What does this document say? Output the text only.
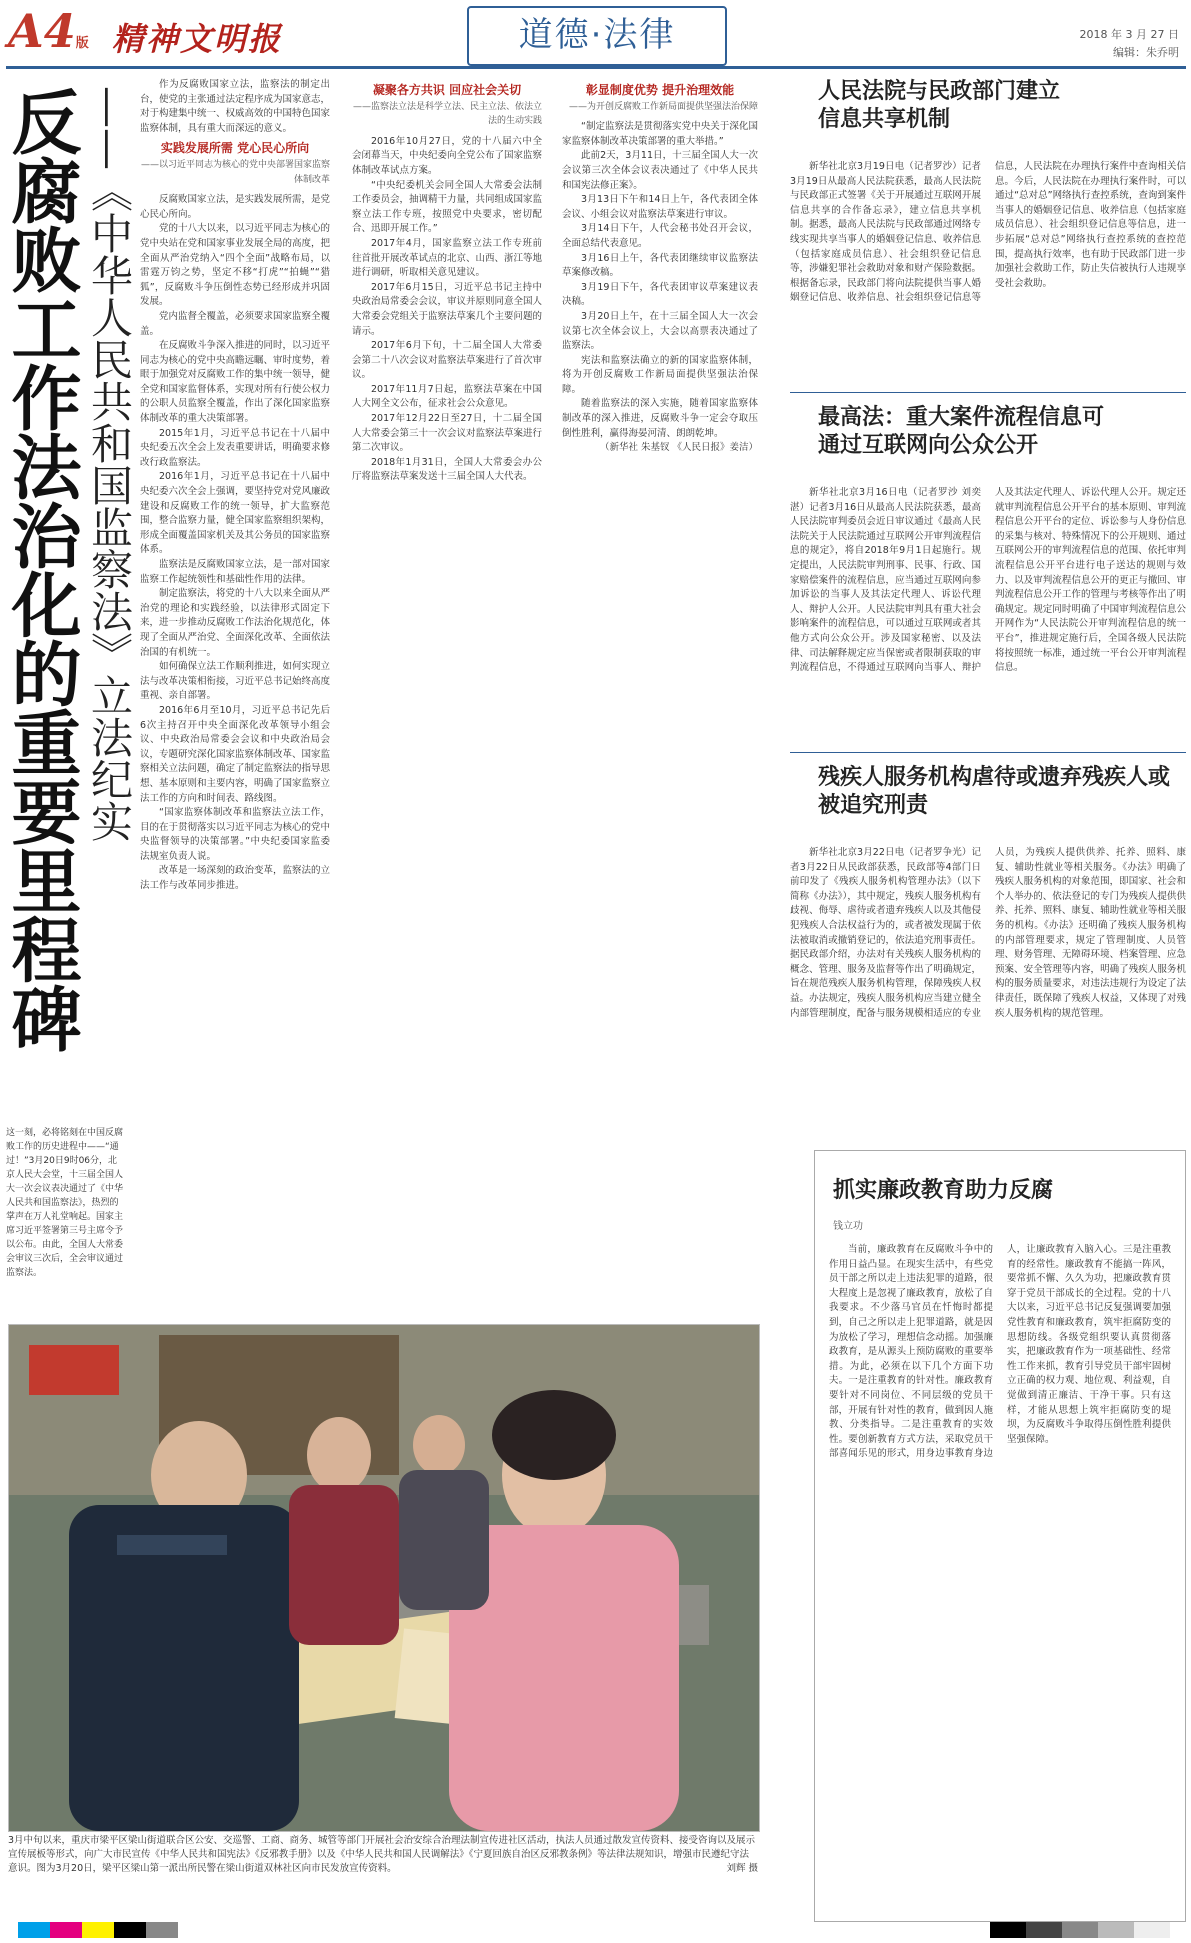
A4版 精神文明报	道德·法律	2018 年 3 月 27 日
编辑：朱乔明
反腐败工作法治化的重要里程碑 ——《中华人民共和国监察法》立法纪实
这一刻，必将铭刻在中国反腐败工作的历史进程中——“通过！”3月20日9时06分，北京人民大会堂，十三届全国人大一次会议表决通过了《中华人民共和国监察法》，热烈的掌声在万人礼堂响起。国家主席习近平签署第三号主席令予以公布。由此，全国人大常委会审议三次后，全会审议通过监察法。

作为反腐败国家立法，监察法的制定出台，使党的主张通过法定程序成为国家意志，对于构建集中统一、权威高效的中国特色国家监察体制，具有重大而深远的意义。

实践发展所需 党心民心所向
——以习近平同志为核心的党中央部署国家监察体制改革

反腐败国家立法，是实践发展所需，是党心民心所向。

党的十八大以来，以习近平同志为核心的党中央站在党和国家事业发展全局的高度，把全面从严治党纳入“四个全面”战略布局，以雷霆万钧之势，坚定不移“打虎”“拍蝇”“猎狐”，反腐败斗争压倒性态势已经形成并巩固发展。

党内监督全覆盖，必须要求国家监察全覆盖。

在反腐败斗争深入推进的同时，以习近平同志为核心的党中央高瞻远瞩、审时度势，着眼于加强党对反腐败工作的集中统一领导，健全党和国家监督体系，实现对所有行使公权力的公职人员监察全覆盖，作出了深化国家监察体制改革的重大决策部署。

2015年1月，习近平总书记在十八届中央纪委五次全会上发表重要讲话，明确要求修改行政监察法。

2016年1月，习近平总书记在十八届中央纪委六次全会上强调，要坚持党对党风廉政建设和反腐败工作的统一领导，扩大监察范围，整合监察力量，健全国家监察组织架构，形成全面覆盖国家机关及其公务员的国家监察体系。

监察法是反腐败国家立法，是一部对国家监察工作起统领性和基础性作用的法律。

制定监察法，将党的十八大以来全面从严治党的理论和实践经验，以法律形式固定下来，进一步推动反腐败工作法治化规范化，体现了全面从严治党、全面深化改革、全面依法治国的有机统一。

如何确保立法工作顺利推进，如何实现立法与改革决策相衔接，习近平总书记始终高度重视、亲自部署。

2016年6月至10月，习近平总书记先后6次主持召开中央全面深化改革领导小组会议、中央政治局常委会会议和中央政治局会议，专题研究深化国家监察体制改革、国家监察相关立法问题，确定了制定监察法的指导思想、基本原则和主要内容，明确了国家监察立法工作的方向和时间表、路线图。

“国家监察体制改革和监察法立法工作，目的在于贯彻落实以习近平同志为核心的党中央监督领导的决策部署。”中央纪委国家监委法规室负责人说。

改革是一场深刻的政治变革，监察法的立法工作与改革同步推进。

凝聚各方共识 回应社会关切
——监察法立法是科学立法、民主立法、依法立法的生动实践

2016年10月27日，党的十八届六中全会闭幕当天，中央纪委向全党公布了国家监察体制改革试点方案。

“中央纪委机关会同全国人大常委会法制工作委员会，抽调精干力量，共同组成国家监察立法工作专班，按照党中央要求，密切配合、迅即开展工作。”

2017年4月，国家监察立法工作专班前往首批开展改革试点的北京、山西、浙江等地进行调研，听取相关意见建议。

2017年6月15日，习近平总书记主持中央政治局常委会会议，审议并原则同意全国人大常委会党组关于监察法草案几个主要问题的请示。

2017年6月下旬，十二届全国人大常委会第二十八次会议对监察法草案进行了首次审议。

2017年11月7日起，监察法草案在中国人大网全文公布，征求社会公众意见。

2017年12月22日至27日，十二届全国人大常委会第三十一次会议对监察法草案进行第二次审议。

2018年1月31日，全国人大常委会办公厅将监察法草案发送十三届全国人大代表。

彰显制度优势 提升治理效能
——为开创反腐败工作新局面提供坚强法治保障

“制定监察法是贯彻落实党中央关于深化国家监察体制改革决策部署的重大举措。”

此前2天，3月11日，十三届全国人大一次会议第三次全体会议表决通过了《中华人民共和国宪法修正案》。

3月13日下午和14日上午，各代表团全体会议、小组会议对监察法草案进行审议。

3月14日下午，人代会秘书处召开会议，全面总结代表意见。

3月16日上午，各代表团继续审议监察法草案修改稿。

3月19日下午，各代表团审议草案建议表决稿。

3月20日上午，在十三届全国人大一次会议第七次全体会议上，大会以高票表决通过了监察法。

宪法和监察法确立的新的国家监察体制，将为开创反腐败工作新局面提供坚强法治保障。

随着监察法的深入实施，随着国家监察体制改革的深入推进，反腐败斗争一定会夺取压倒性胜利，赢得海晏河清、朗朗乾坤。

（新华社 朱基钗 《人民日报》姜洁）

3月中旬以来，重庆市梁平区梁山街道联合区公安、交巡警、工商、商务、城管等部门开展社会治安综合治理法制宣传进社区活动，执法人员通过散发宣传资料、接受咨询以及展示宣传展板等形式，向广大市民宣传《中华人民共和国宪法》《反邪教手册》以及《中华人民共和国人民调解法》《宁夏回族自治区反邪教条例》等法律法规知识，增强市民遵纪守法意识。图为3月20日，梁平区梁山第一派出所民警在梁山街道双林社区向市民发放宣传资料。	刘辉 摄
人民法院与民政部门建立信息共享机制

新华社北京3月19日电（记者罗沙）记者3月19日从最高人民法院获悉，最高人民法院与民政部正式签署《关于开展通过互联网开展信息共享的合作备忘录》，建立信息共享机制。据悉，最高人民法院与民政部通过网络专线实现共享当事人的婚姻登记信息、收养信息（包括家庭成员信息）、社会组织登记信息等，涉嫌犯罪社会救助对象和财产保险数据。根据备忘录，民政部门将向法院提供当事人婚姻登记信息、收养信息、社会组织登记信息等信息，人民法院在办理执行案件中查询相关信息。今后，人民法院在办理执行案件时，可以通过“总对总”网络执行查控系统，查询到案件当事人的婚姻登记信息、收养信息（包括家庭成员信息）、社会组织登记信息等信息，进一步拓展“总对总”网络执行查控系统的查控范围，提高执行效率，也有助于民政部门进一步加强社会救助工作，防止失信被执行人违规享受社会救助。

最高法：重大案件流程信息可通过互联网向公众公开

新华社北京3月16日电（记者罗沙 刘奕湛）记者3月16日从最高人民法院获悉，最高人民法院审判委员会近日审议通过《最高人民法院关于人民法院通过互联网公开审判流程信息的规定》，将自2018年9月1日起施行。规定提出，人民法院审判刑事、民事、行政、国家赔偿案件的流程信息，应当通过互联网向参加诉讼的当事人及其法定代理人、诉讼代理人、辩护人公开。人民法院审判具有重大社会影响案件的流程信息，可以通过互联网或者其他方式向公众公开。涉及国家秘密、以及法律、司法解释规定应当保密或者限制获取的审判流程信息，不得通过互联网向当事人、辩护人及其法定代理人、诉讼代理人公开。规定还就审判流程信息公开平台的基本原则、审判流程信息公开平台的定位、诉讼参与人身份信息的采集与核对、特殊情况下的公开规则、通过互联网公开的审判流程信息的范围、依托审判流程信息公开平台进行电子送达的规则与效力、以及审判流程信息公开的更正与撤回、审判流程信息公开工作的管理与考核等作出了明确规定。规定同时明确了中国审判流程信息公开网作为“人民法院公开审判流程信息的统一平台”，推进规定施行后，全国各级人民法院将按照统一标准，通过统一平台公开审判流程信息。

残疾人服务机构虐待或遗弃残疾人或被追究刑责

新华社北京3月22日电（记者罗争光）记者3月22日从民政部获悉，民政部等4部门日前印发了《残疾人服务机构管理办法》（以下简称《办法》），其中规定，残疾人服务机构有歧视、侮辱、虐待或者遗弃残疾人以及其他侵犯残疾人合法权益行为的，或者被发现属于依法被取消或撤销登记的，依法追究刑事责任。据民政部介绍，办法对有关残疾人服务机构的概念、管理、服务及监督等作出了明确规定，旨在规范残疾人服务机构管理，保障残疾人权益。办法规定，残疾人服务机构应当建立健全内部管理制度，配备与服务规模相适应的专业人员，为残疾人提供供养、托养、照料、康复、辅助性就业等相关服务。《办法》明确了残疾人服务机构的对象范围，即国家、社会和个人举办的、依法登记的专门为残疾人提供供养、托养、照料、康复、辅助性就业等相关服务的机构。《办法》还明确了残疾人服务机构的内部管理要求，规定了管理制度、人员管理、财务管理、无障碍环境、档案管理、应急预案、安全管理等内容，明确了残疾人服务机构的服务质量要求，对违法违规行为设定了法律责任，既保障了残疾人权益，又体现了对残疾人服务机构的规范管理。

抓实廉政教育助力反腐
钱立功

当前，廉政教育在反腐败斗争中的作用日益凸显。在现实生活中，有些党员干部之所以走上违法犯罪的道路，很大程度上是忽视了廉政教育，放松了自我要求。不少落马官员在忏悔时都提到，自己之所以走上犯罪道路，就是因为放松了学习，理想信念动摇。加强廉政教育，是从源头上预防腐败的重要举措。为此，必须在以下几个方面下功夫。一是注重教育的针对性。廉政教育要针对不同岗位、不同层级的党员干部，开展有针对性的教育，做到因人施教、分类指导。二是注重教育的实效性。要创新教育方式方法，采取党员干部喜闻乐见的形式，用身边事教育身边人，让廉政教育入脑入心。三是注重教育的经常性。廉政教育不能搞一阵风，要常抓不懈、久久为功，把廉政教育贯穿于党员干部成长的全过程。党的十八大以来，习近平总书记反复强调要加强党性教育和廉政教育，筑牢拒腐防变的思想防线。各级党组织要认真贯彻落实，把廉政教育作为一项基础性、经常性工作来抓，教育引导党员干部牢固树立正确的权力观、地位观、利益观，自觉做到清正廉洁、干净干事。只有这样，才能从思想上筑牢拒腐防变的堤坝，为反腐败斗争取得压倒性胜利提供坚强保障。
